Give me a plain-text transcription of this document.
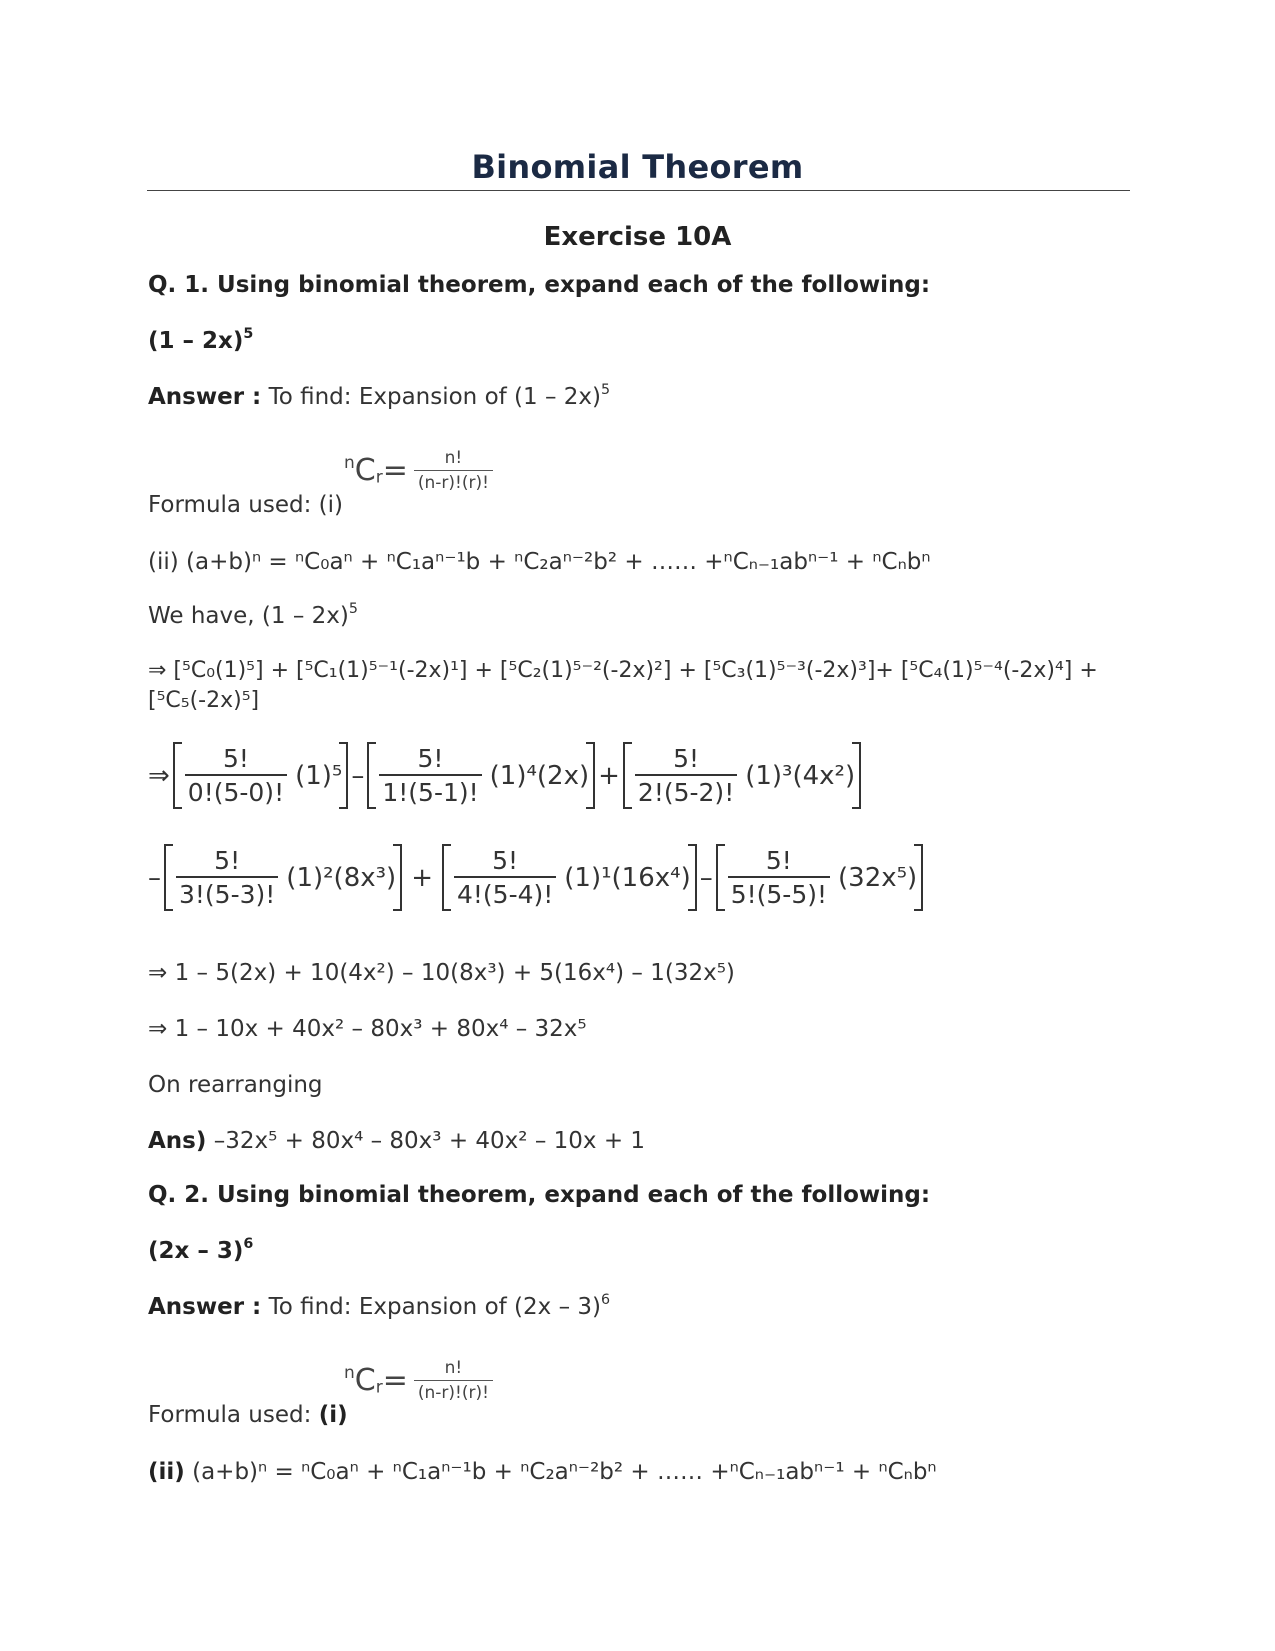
Binomial Theorem
Exercise 10A
Q. 1. Using binomial theorem, expand each of the following:
(1 – 2x)$^5$
Answer : To find: Expansion of (1 – 2x)$^5$
Formula used: (i)
$^nC_r= \frac{n!}{(n-r)!(r)!}$
(ii) (a+b)ⁿ = ⁿC₀aⁿ + ⁿC₁aⁿ⁻¹b + ⁿC₂aⁿ⁻²b² + …… +ⁿCₙ₋₁abⁿ⁻¹ + ⁿCₙbⁿ
We have, (1 – 2x)$^5$
⇒ [⁵C₀(1)⁵] + [⁵C₁(1)⁵⁻¹(-2x)¹] + [⁵C₂(1)⁵⁻²(-2x)²] + [⁵C₃(1)⁵⁻³(-2x)³]+ [⁵C₄(1)⁵⁻⁴(-2x)⁴] +
[⁵C₅(-2x)⁵]
⇒ $\frac{5!}{0!(5-0)!} (1)^5 - \frac{5!}{1!(5-1)!} (1)^4(2x) + \frac{5!}{2!(5-2)!} (1)^3(4x^2)$
– $\frac{5!}{3!(5-3)!} (1)^2(8x^3) + \frac{5!}{4!(5-4)!} (1)^1(16x^4) - \frac{5!}{5!(5-5)!} (32x^5)$
⇒ 1 – 5(2x) + 10(4x²) – 10(8x³) + 5(16x⁴) – 1(32x⁵)
⇒ 1 – 10x + 40x² – 80x³ + 80x⁴ – 32x⁵
On rearranging
Ans) –32x⁵ + 80x⁴ – 80x³ + 40x² – 10x + 1
Q. 2. Using binomial theorem, expand each of the following:
(2x – 3)$^6$
Answer : To find: Expansion of (2x – 3)$^6$
Formula used: (i)
$^nC_r= \frac{n!}{(n-r)!(r)!}$
(ii) (a+b)ⁿ = ⁿC₀aⁿ + ⁿC₁aⁿ⁻¹b + ⁿC₂aⁿ⁻²b² + …… +ⁿCₙ₋₁abⁿ⁻¹ + ⁿCₙbⁿ
